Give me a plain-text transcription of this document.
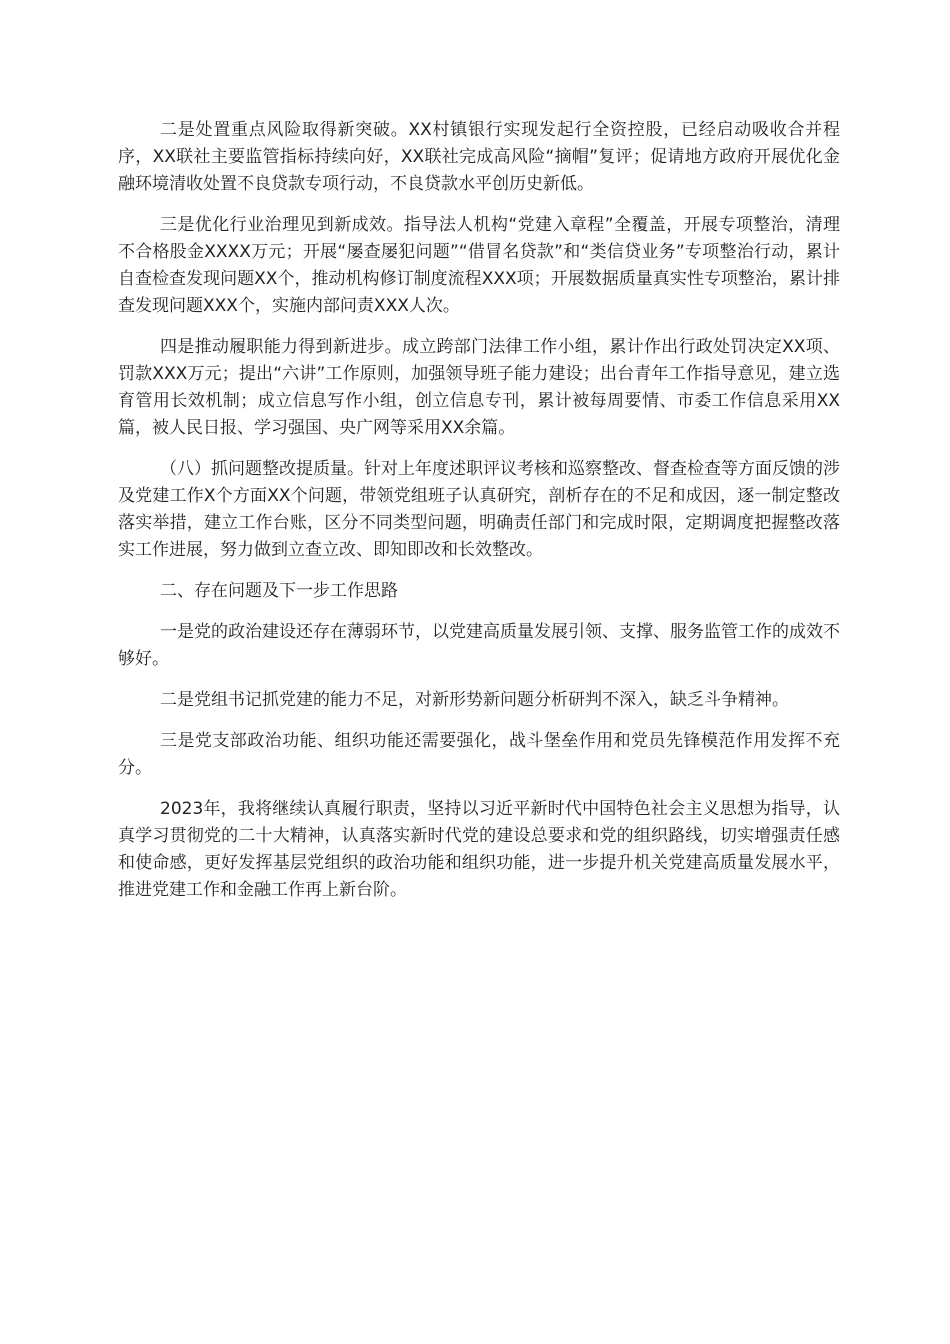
二是处置重点风险取得新突破。XX村镇银行实现发起行全资控股，已经启动吸收合并程序，XX联社主要监管指标持续向好，XX联社完成高风险“摘帽”复评；促请地方政府开展优化金融环境清收处置不良贷款专项行动，不良贷款水平创历史新低。

三是优化行业治理见到新成效。指导法人机构“党建入章程”全覆盖，开展专项整治，清理不合格股金XXXX万元；开展“屡查屡犯问题”“借冒名贷款”和“类信贷业务”专项整治行动，累计自查检查发现问题XX个，推动机构修订制度流程XXX项；开展数据质量真实性专项整治，累计排查发现问题XXX个，实施内部问责XXX人次。

四是推动履职能力得到新进步。成立跨部门法律工作小组，累计作出行政处罚决定XX项、罚款XXX万元；提出“六讲”工作原则，加强领导班子能力建设；出台青年工作指导意见，建立选育管用长效机制；成立信息写作小组，创立信息专刊，累计被每周要情、市委工作信息采用XX篇，被人民日报、学习强国、央广网等采用XX余篇。

（八）抓问题整改提质量。针对上年度述职评议考核和巡察整改、督查检查等方面反馈的涉及党建工作X个方面XX个问题，带领党组班子认真研究，剖析存在的不足和成因，逐一制定整改落实举措，建立工作台账，区分不同类型问题，明确责任部门和完成时限，定期调度把握整改落实工作进展，努力做到立查立改、即知即改和长效整改。

二、存在问题及下一步工作思路

一是党的政治建设还存在薄弱环节，以党建高质量发展引领、支撑、服务监管工作的成效不够好。

二是党组书记抓党建的能力不足，对新形势新问题分析研判不深入，缺乏斗争精神。

三是党支部政治功能、组织功能还需要强化，战斗堡垒作用和党员先锋模范作用发挥不充分。

2023年，我将继续认真履行职责，坚持以习近平新时代中国特色社会主义思想为指导，认真学习贯彻党的二十大精神，认真落实新时代党的建设总要求和党的组织路线，切实增强责任感和使命感，更好发挥基层党组织的政治功能和组织功能，进一步提升机关党建高质量发展水平，推进党建工作和金融工作再上新台阶。
